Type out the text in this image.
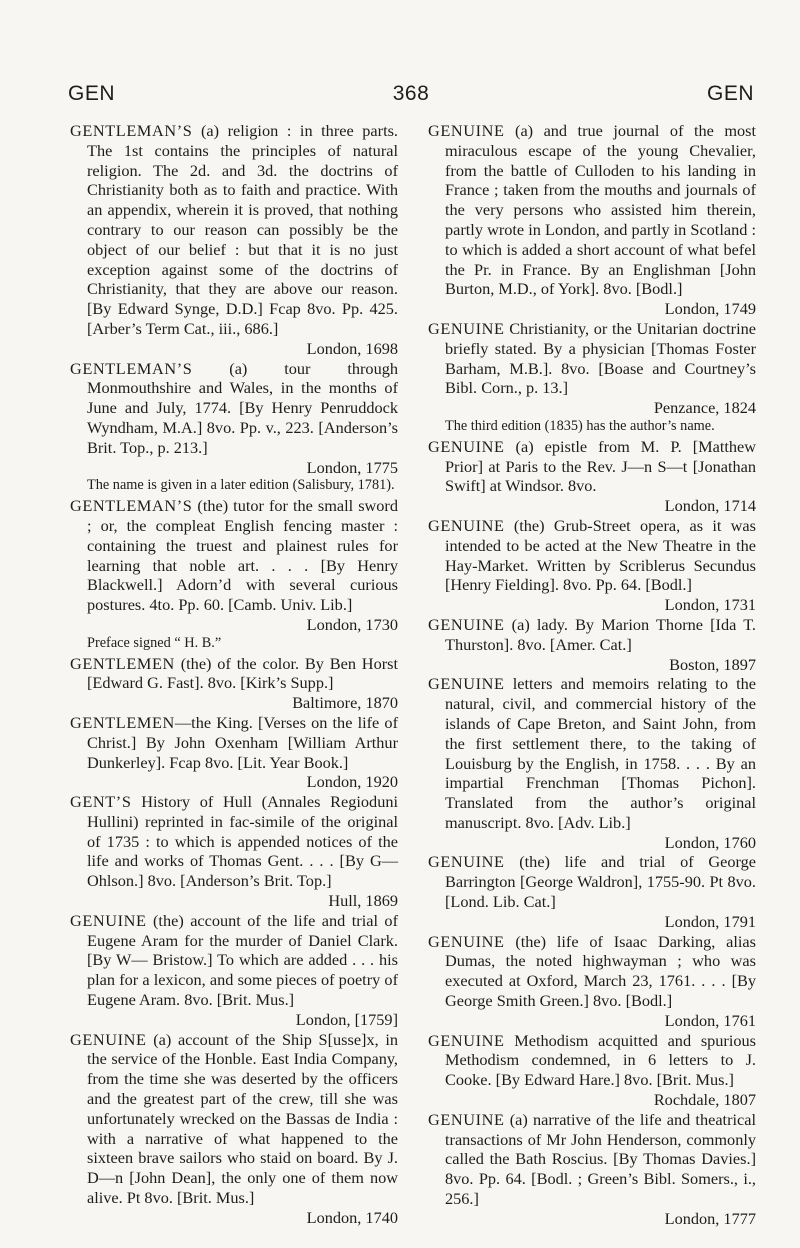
GEN	368	GEN

GENTLEMAN’S (a) religion : in three parts. The 1st contains the principles of natural religion. The 2d. and 3d. the doctrins of Christianity both as to faith and practice. With an appendix, wherein it is proved, that nothing contrary to our reason can possibly be the object of our belief : but that it is no just exception against some of the doctrins of Christianity, that they are above our reason. [By Edward Synge, D.D.] Fcap 8vo. Pp. 425. [Arber’s Term Cat., iii., 686.]
London, 1698

GENTLEMAN’S (a) tour through Monmouthshire and Wales, in the months of June and July, 1774. [By Henry Penruddock Wyndham, M.A.] 8vo. Pp. v., 223. [Anderson’s Brit. Top., p. 213.]
London, 1775

The name is given in a later edition (Salisbury, 1781).

GENTLEMAN’S (the) tutor for the small sword ; or, the compleat English fencing master : containing the truest and plainest rules for learning that noble art. . . . [By Henry Blackwell.] Adorn’d with several curious postures. 4to. Pp. 60. [Camb. Univ. Lib.]
London, 1730

Preface signed “ H. B.”

GENTLEMEN (the) of the color. By Ben Horst [Edward G. Fast]. 8vo. [Kirk’s Supp.]
Baltimore, 1870

GENTLEMEN—the King. [Verses on the life of Christ.] By John Oxenham [William Arthur Dunkerley]. Fcap 8vo. [Lit. Year Book.]
London, 1920

GENT’S History of Hull (Annales Regioduni Hullini) reprinted in fac-simile of the original of 1735 : to which is appended notices of the life and works of Thomas Gent. . . . [By G— Ohlson.] 8vo. [Anderson’s Brit. Top.]
Hull, 1869

GENUINE (the) account of the life and trial of Eugene Aram for the murder of Daniel Clark. [By W— Bristow.] To which are added . . . his plan for a lexicon, and some pieces of poetry of Eugene Aram. 8vo. [Brit. Mus.]
London, [1759]

GENUINE (a) account of the Ship S[usse]x, in the service of the Honble. East India Company, from the time she was deserted by the officers and the greatest part of the crew, till she was unfortunately wrecked on the Bassas de India : with a narrative of what happened to the sixteen brave sailors who staid on board. By J. D—n [John Dean], the only one of them now alive. Pt 8vo. [Brit. Mus.]
London, 1740

GENUINE (a) and true journal of the most miraculous escape of the young Chevalier, from the battle of Culloden to his landing in France ; taken from the mouths and journals of the very persons who assisted him therein, partly wrote in London, and partly in Scotland : to which is added a short account of what befel the Pr. in France. By an Englishman [John Burton, M.D., of York]. 8vo. [Bodl.]
London, 1749

GENUINE Christianity, or the Unitarian doctrine briefly stated. By a physician [Thomas Foster Barham, M.B.]. 8vo. [Boase and Courtney’s Bibl. Corn., p. 13.]
Penzance, 1824

The third edition (1835) has the author’s name.

GENUINE (a) epistle from M. P. [Matthew Prior] at Paris to the Rev. J—n S—t [Jonathan Swift] at Windsor. 8vo.
London, 1714

GENUINE (the) Grub-Street opera, as it was intended to be acted at the New Theatre in the Hay-Market. Written by Scriblerus Secundus [Henry Fielding]. 8vo. Pp. 64. [Bodl.]
London, 1731

GENUINE (a) lady. By Marion Thorne [Ida T. Thurston]. 8vo. [Amer. Cat.]
Boston, 1897

GENUINE letters and memoirs relating to the natural, civil, and commercial history of the islands of Cape Breton, and Saint John, from the first settlement there, to the taking of Louisburg by the English, in 1758. . . . By an impartial Frenchman [Thomas Pichon]. Translated from the author’s original manuscript. 8vo. [Adv. Lib.]
London, 1760

GENUINE (the) life and trial of George Barrington [George Waldron], 1755-90. Pt 8vo. [Lond. Lib. Cat.]
London, 1791

GENUINE (the) life of Isaac Darking, alias Dumas, the noted highwayman ; who was executed at Oxford, March 23, 1761. . . . [By George Smith Green.] 8vo. [Bodl.]
London, 1761

GENUINE Methodism acquitted and spurious Methodism condemned, in 6 letters to J. Cooke. [By Edward Hare.] 8vo. [Brit. Mus.]
Rochdale, 1807

GENUINE (a) narrative of the life and theatrical transactions of Mr John Henderson, commonly called the Bath Roscius. [By Thomas Davies.] 8vo. Pp. 64. [Bodl. ; Green’s Bibl. Somers., i., 256.]
London, 1777
